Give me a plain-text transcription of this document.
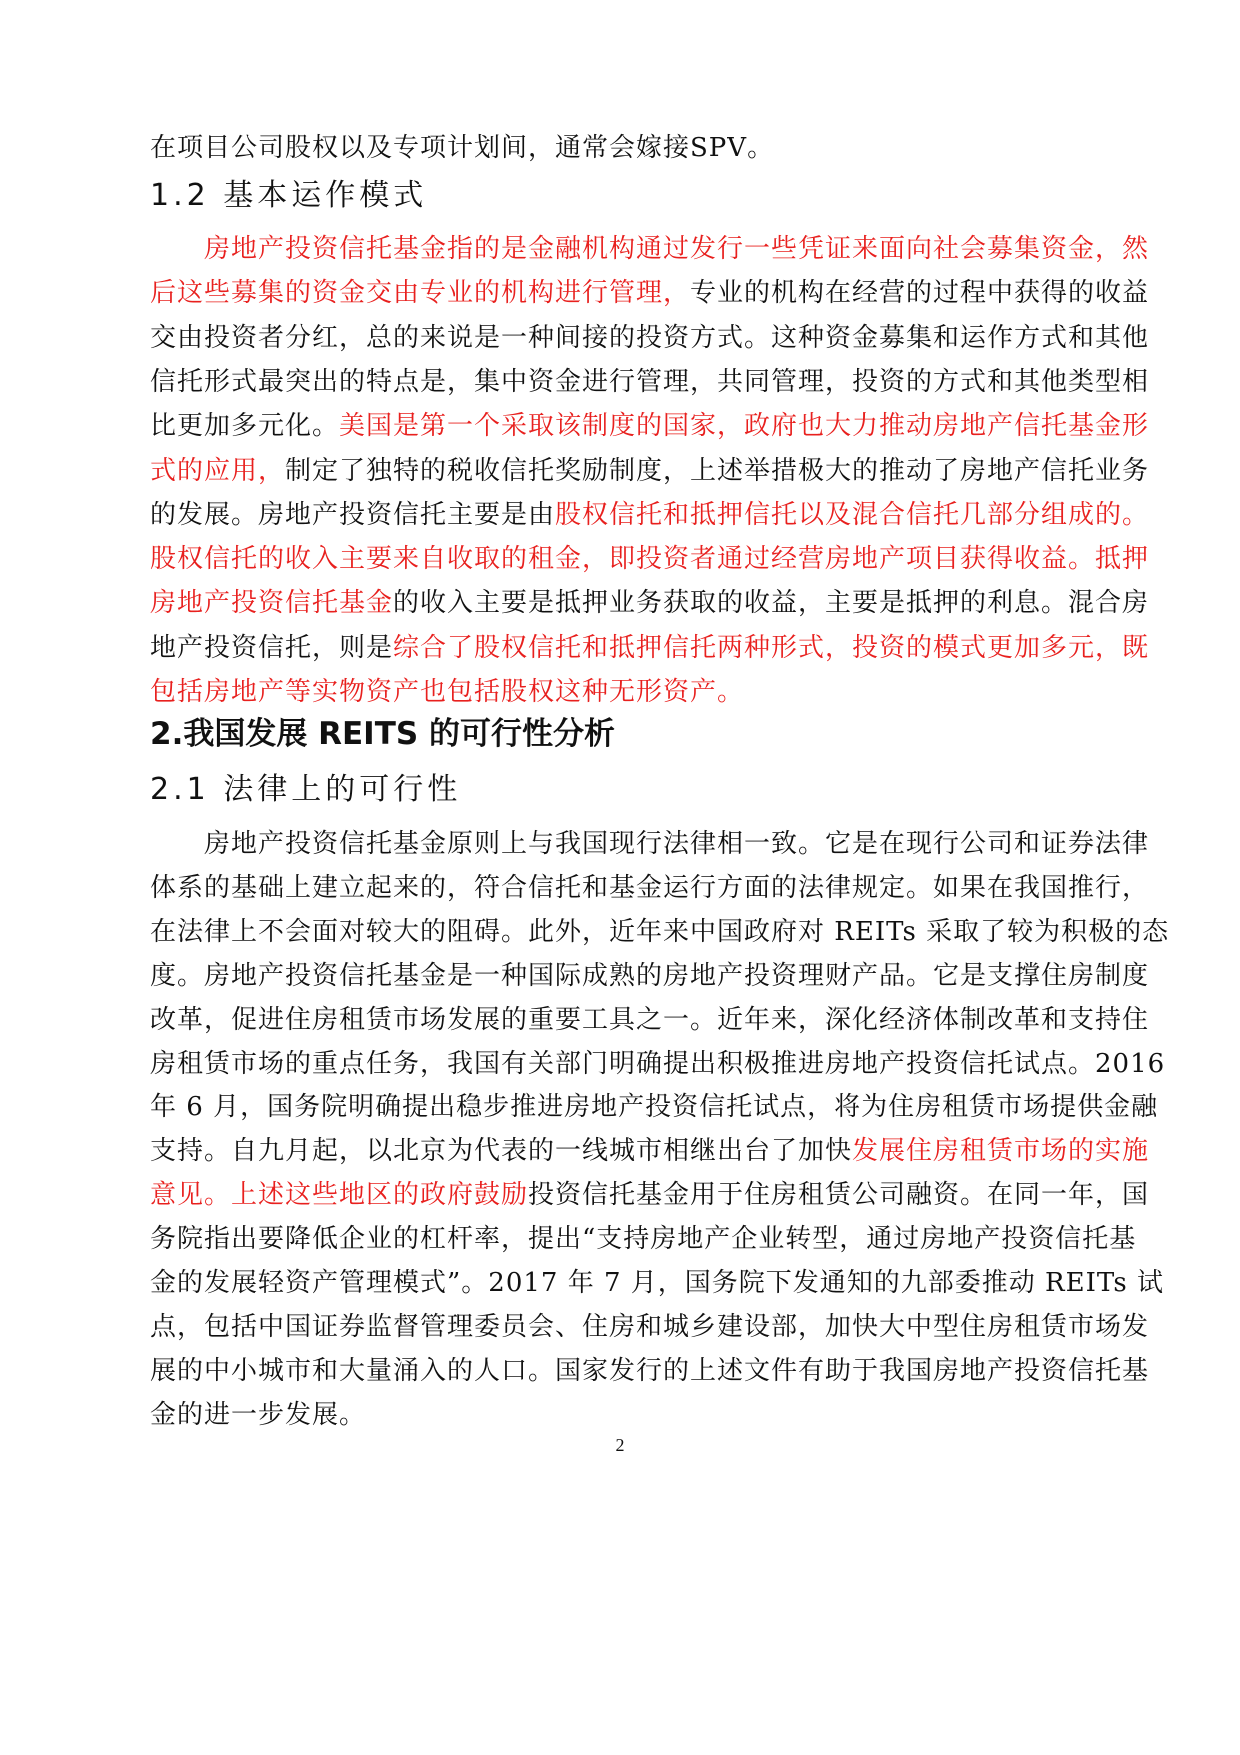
在项目公司股权以及专项计划间，通常会嫁接SPV。
1.2 基本运作模式
　　房地产投资信托基金指的是金融机构通过发行一些凭证来面向社会募集资金，然
后这些募集的资金交由专业的机构进行管理，专业的机构在经营的过程中获得的收益
交由投资者分红，总的来说是一种间接的投资方式。这种资金募集和运作方式和其他
信托形式最突出的特点是，集中资金进行管理，共同管理，投资的方式和其他类型相
比更加多元化。美国是第一个采取该制度的国家，政府也大力推动房地产信托基金形
式的应用，制定了独特的税收信托奖励制度，上述举措极大的推动了房地产信托业务
的发展。房地产投资信托主要是由股权信托和抵押信托以及混合信托几部分组成的。
股权信托的收入主要来自收取的租金，即投资者通过经营房地产项目获得收益。抵押
房地产投资信托基金的收入主要是抵押业务获取的收益，主要是抵押的利息。混合房
地产投资信托，则是综合了股权信托和抵押信托两种形式，投资的模式更加多元，既
包括房地产等实物资产也包括股权这种无形资产。
2.我国发展 REITS 的可行性分析
2.1 法律上的可行性
　　房地产投资信托基金原则上与我国现行法律相一致。它是在现行公司和证券法律
体系的基础上建立起来的，符合信托和基金运行方面的法律规定。如果在我国推行，
在法律上不会面对较大的阻碍。此外，近年来中国政府对 REITs 采取了较为积极的态
度。房地产投资信托基金是一种国际成熟的房地产投资理财产品。它是支撑住房制度
改革，促进住房租赁市场发展的重要工具之一。近年来，深化经济体制改革和支持住
房租赁市场的重点任务，我国有关部门明确提出积极推进房地产投资信托试点。2016
年 6 月，国务院明确提出稳步推进房地产投资信托试点，将为住房租赁市场提供金融
支持。自九月起，以北京为代表的一线城市相继出台了加快发展住房租赁市场的实施
意见。上述这些地区的政府鼓励投资信托基金用于住房租赁公司融资。在同一年，国
务院指出要降低企业的杠杆率，提出“支持房地产企业转型，通过房地产投资信托基
金的发展轻资产管理模式”。2017 年 7 月，国务院下发通知的九部委推动 REITs 试
点，包括中国证券监督管理委员会、住房和城乡建设部，加快大中型住房租赁市场发
展的中小城市和大量涌入的人口。国家发行的上述文件有助于我国房地产投资信托基
金的进一步发展。
2
